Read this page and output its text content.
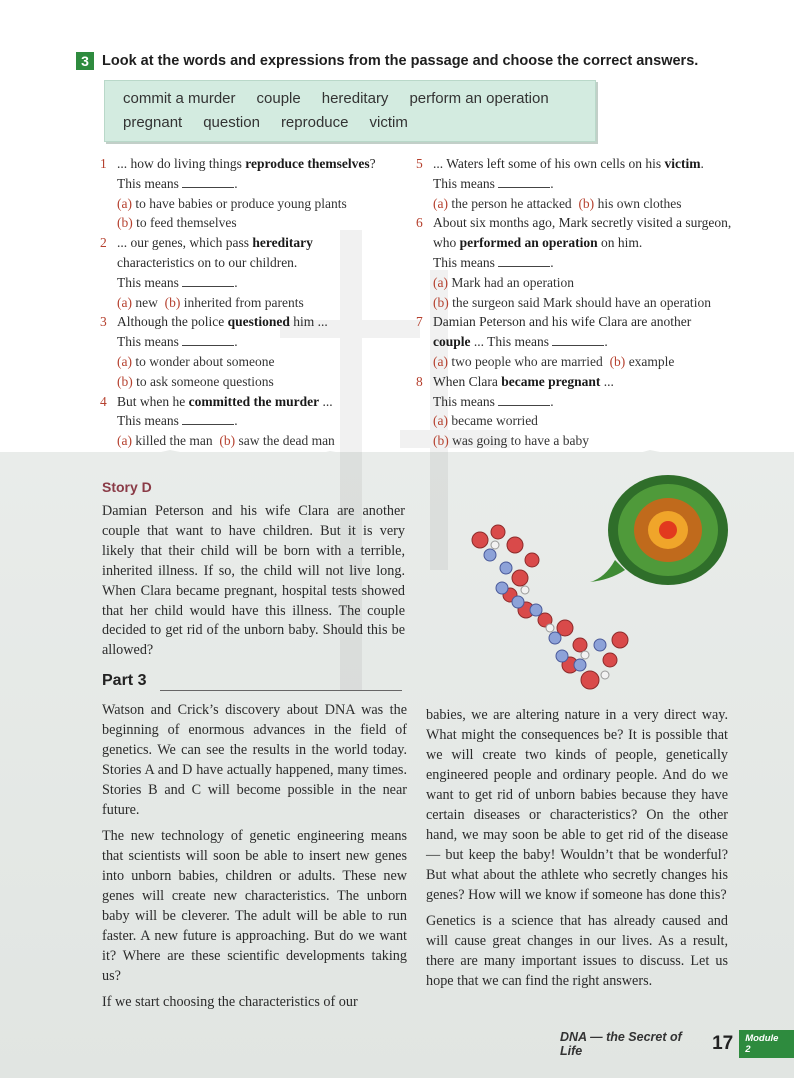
3 Look at the words and expressions from the passage and choose the correct answers.
commit a murder couple hereditary perform an operation
pregnant question reproduce victim
1 ... how do living things reproduce themselves?
This means	.
(a) to have babies or produce young plants
(b) to feed themselves
2 ... our genes, which pass hereditary
characteristics on to our children.
This means	.
(a) new (b) inherited from parents
3 Although the police questioned him ...
This means	.
(a) to wonder about someone
(b) to ask someone questions
4 But when he committed the murder ...
This means	.
(a) killed the man (b) saw the dead man
5 ... Waters left some of his own cells on his victim.
This means	.
(a) the person he attacked (b) his own clothes
6 About six months ago, Mark secretly visited a surgeon, who performed an operation on him.
This means	.
(a) Mark had an operation
(b) the surgeon said Mark should have an operation
7 Damian Peterson and his wife Clara are another
couple ... This means	.
(a) two people who are married (b) example
8 When Clara became pregnant ...
This means	.
(a) became worried
(b) was going to have a baby
Story D
Damian Peterson and his wife Clara are another couple that want to have children. But it is very likely that their child will be born with a terrible, inherited illness. If so, the child will not live long. When Clara became pregnant, hospital tests showed that her child would have this illness. The couple decided to get rid of the unborn baby. Should this be allowed?
Part 3

Watson and Crick’s discovery about DNA was the beginning of enormous advances in the field of genetics. We can see the results in the world today. Stories A and D have actually happened, many times. Stories B and C will become possible in the near future.

The new technology of genetic engineering means that scientists will soon be able to insert new genes into unborn babies, children or adults. These new genes will create new characteristics. The unborn baby will be cleverer. The adult will be able to run faster. A new future is approaching. But do we want it? Where are these scientific developments taking us?

If we start choosing the characteristics of our

babies, we are altering nature in a very direct way. What might the consequences be? It is possible that we will create two kinds of people, genetically engineered people and ordinary people. And do we want to get rid of unborn babies because they have certain diseases or characteristics? On the other hand, we may soon be able to get rid of the disease — but keep the baby! Wouldn’t that be wonderful? But what about the athlete who secretly changes his genes? How will we know if someone has done this?

Genetics is a science that has already caused and will cause great changes in our lives. As a result, there are many important issues to discuss. Let us hope that we can find the right answers.

DNA — the Secret of Life	17	Module 2
